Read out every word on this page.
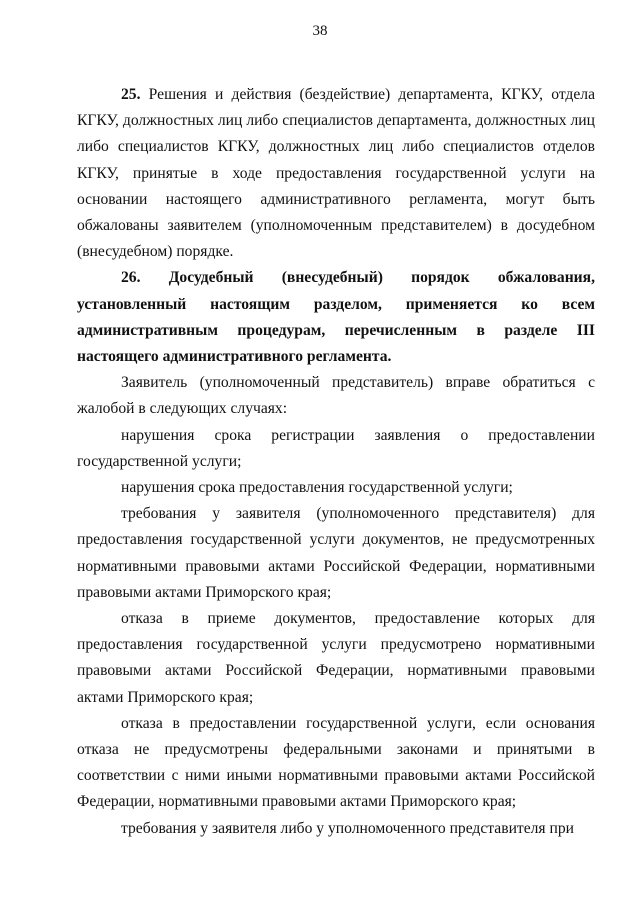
38

25. Решения и действия (бездействие) департамента, КГКУ, отдела КГКУ, должностных лиц либо специалистов департамента, должностных лиц либо специалистов КГКУ, должностных лиц либо специалистов отделов КГКУ, принятые в ходе предоставления государственной услуги на основании настоящего административного регламента, могут быть обжалованы заявителем (уполномоченным представителем) в досудебном (внесудебном) порядке.

26. Досудебный (внесудебный) порядок обжалования, установленный настоящим разделом, применяется ко всем административным процедурам, перечисленным в разделе III настоящего административного регламента.

Заявитель (уполномоченный представитель) вправе обратиться с жалобой в следующих случаях:

нарушения срока регистрации заявления о предоставлении государственной услуги;

нарушения срока предоставления государственной услуги;

требования у заявителя (уполномоченного представителя) для предоставления государственной услуги документов, не предусмотренных нормативными правовыми актами Российской Федерации, нормативными правовыми актами Приморского края;

отказа в приеме документов, предоставление которых для предоставления государственной услуги предусмотрено нормативными правовыми актами Российской Федерации, нормативными правовыми актами Приморского края;

отказа в предоставлении государственной услуги, если основания отказа не предусмотрены федеральными законами и принятыми в соответствии с ними иными нормативными правовыми актами Российской Федерации, нормативными правовыми актами Приморского края;

требования у заявителя либо у уполномоченного представителя при
